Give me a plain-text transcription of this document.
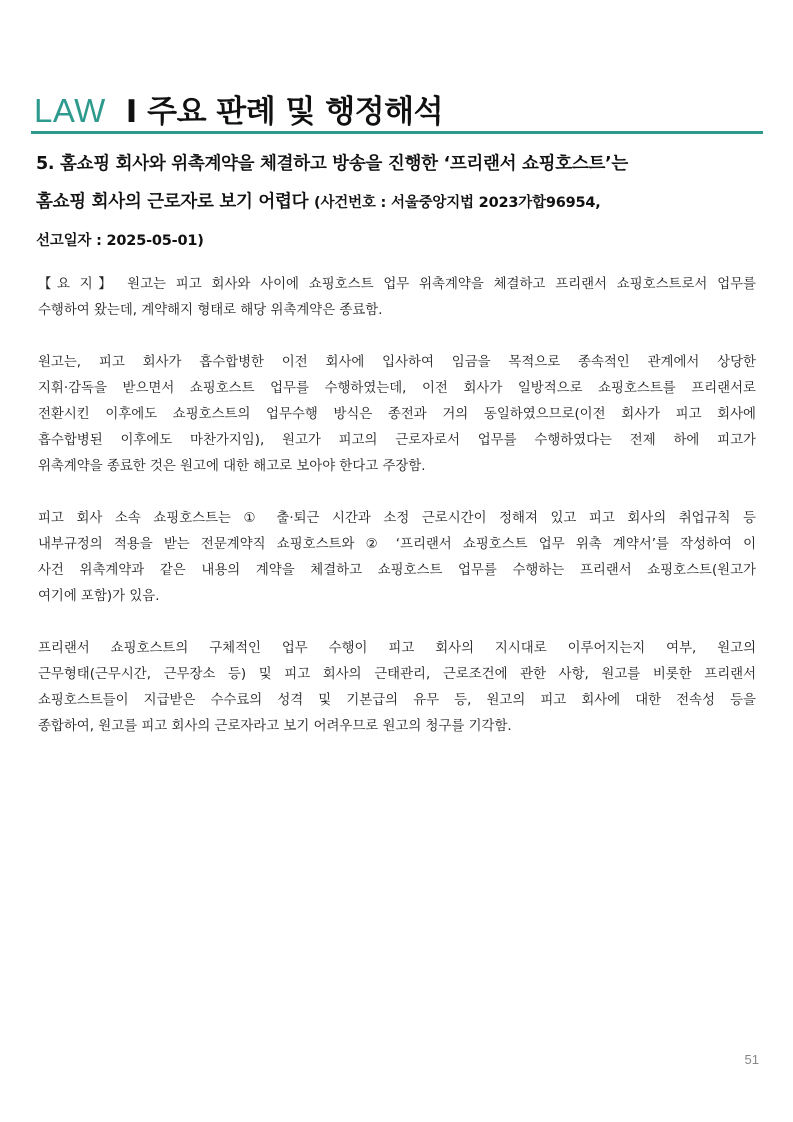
LAW Ⅰ 주요 판례 및 행정해석
5. 홈쇼핑 회사와 위촉계약을 체결하고 방송을 진행한 ‘프리랜서 쇼핑호스트’는
홈쇼핑 회사의 근로자로 보기 어렵다 (사건번호 : 서울중앙지법 2023가합96954,
선고일자 : 2025-05-01)

【요 지】 원고는 피고 회사와 사이에 쇼핑호스트 업무 위촉계약을 체결하고 프리랜서 쇼핑호스트로서 업무를
수행하여 왔는데, 계약해지 형태로 해당 위촉계약은 종료함.

원고는, 피고 회사가 흡수합병한 이전 회사에 입사하여 임금을 목적으로 종속적인 관계에서 상당한
지휘·감독을 받으면서 쇼핑호스트 업무를 수행하였는데, 이전 회사가 일방적으로 쇼핑호스트를 프리랜서로
전환시킨 이후에도 쇼핑호스트의 업무수행 방식은 종전과 거의 동일하였으므로(이전 회사가 피고 회사에
흡수합병된 이후에도 마찬가지임), 원고가 피고의 근로자로서 업무를 수행하였다는 전제 하에 피고가
위촉계약을 종료한 것은 원고에 대한 해고로 보아야 한다고 주장함.

피고 회사 소속 쇼핑호스트는 ① 출·퇴근 시간과 소정 근로시간이 정해져 있고 피고 회사의 취업규칙 등
내부규정의 적용을 받는 전문계약직 쇼핑호스트와 ② ‘프리랜서 쇼핑호스트 업무 위촉 계약서’를 작성하여 이
사건 위촉계약과 같은 내용의 계약을 체결하고 쇼핑호스트 업무를 수행하는 프리랜서 쇼핑호스트(원고가
여기에 포함)가 있음.

프리랜서 쇼핑호스트의 구체적인 업무 수행이 피고 회사의 지시대로 이루어지는지 여부, 원고의
근무형태(근무시간, 근무장소 등) 및 피고 회사의 근태관리, 근로조건에 관한 사항, 원고를 비롯한 프리랜서
쇼핑호스트들이 지급받은 수수료의 성격 및 기본급의 유무 등, 원고의 피고 회사에 대한 전속성 등을
종합하여, 원고를 피고 회사의 근로자라고 보기 어려우므로 원고의 청구를 기각함.

51
